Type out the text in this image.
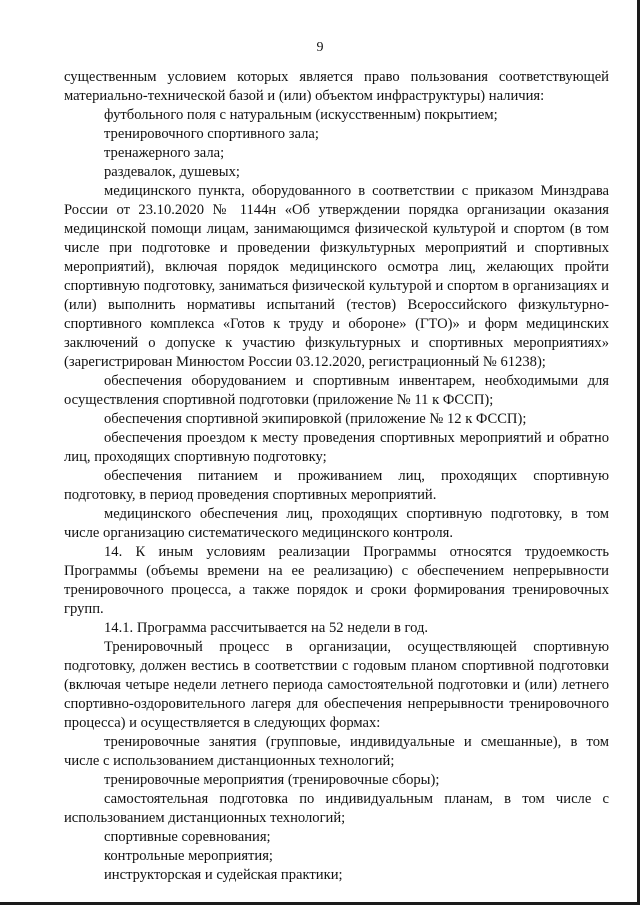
9

существенным условием которых является право пользования соответствующей материально-технической базой и (или) объектом инфраструктуры) наличия:

футбольного поля с натуральным (искусственным) покрытием;

тренировочного спортивного зала;

тренажерного зала;

раздевалок, душевых;

медицинского пункта, оборудованного в соответствии с приказом Минздрава России от 23.10.2020 № 1144н «Об утверждении порядка организации оказания медицинской помощи лицам, занимающимся физической культурой и спортом (в том числе при подготовке и проведении физкультурных мероприятий и спортивных мероприятий), включая порядок медицинского осмотра лиц, желающих пройти спортивную подготовку, заниматься физической культурой и спортом в организациях и (или) выполнить нормативы испытаний (тестов) Всероссийского физкультурно-спортивного комплекса «Готов к труду и обороне» (ГТО)» и форм медицинских заключений о допуске к участию физкультурных и спортивных мероприятиях» (зарегистрирован Минюстом России 03.12.2020, регистрационный № 61238);

обеспечения оборудованием и спортивным инвентарем, необходимыми для осуществления спортивной подготовки (приложение № 11 к ФССП);

обеспечения спортивной экипировкой (приложение № 12 к ФССП);

обеспечения проездом к месту проведения спортивных мероприятий и обратно лиц, проходящих спортивную подготовку;

обеспечения питанием и проживанием лиц, проходящих спортивную подготовку, в период проведения спортивных мероприятий.

медицинского обеспечения лиц, проходящих спортивную подготовку, в том числе организацию систематического медицинского контроля.

14. К иным условиям реализации Программы относятся трудоемкость Программы (объемы времени на ее реализацию) с обеспечением непрерывности тренировочного процесса, а также порядок и сроки формирования тренировочных групп.

14.1. Программа рассчитывается на 52 недели в год.

Тренировочный процесс в организации, осуществляющей спортивную подготовку, должен вестись в соответствии с годовым планом спортивной подготовки (включая четыре недели летнего периода самостоятельной подготовки и (или) летнего спортивно-оздоровительного лагеря для обеспечения непрерывности тренировочного процесса) и осуществляется в следующих формах:

тренировочные занятия (групповые, индивидуальные и смешанные), в том числе с использованием дистанционных технологий;

тренировочные мероприятия (тренировочные сборы);

самостоятельная подготовка по индивидуальным планам, в том числе с использованием дистанционных технологий;

спортивные соревнования;

контрольные мероприятия;

инструкторская и судейская практики;
